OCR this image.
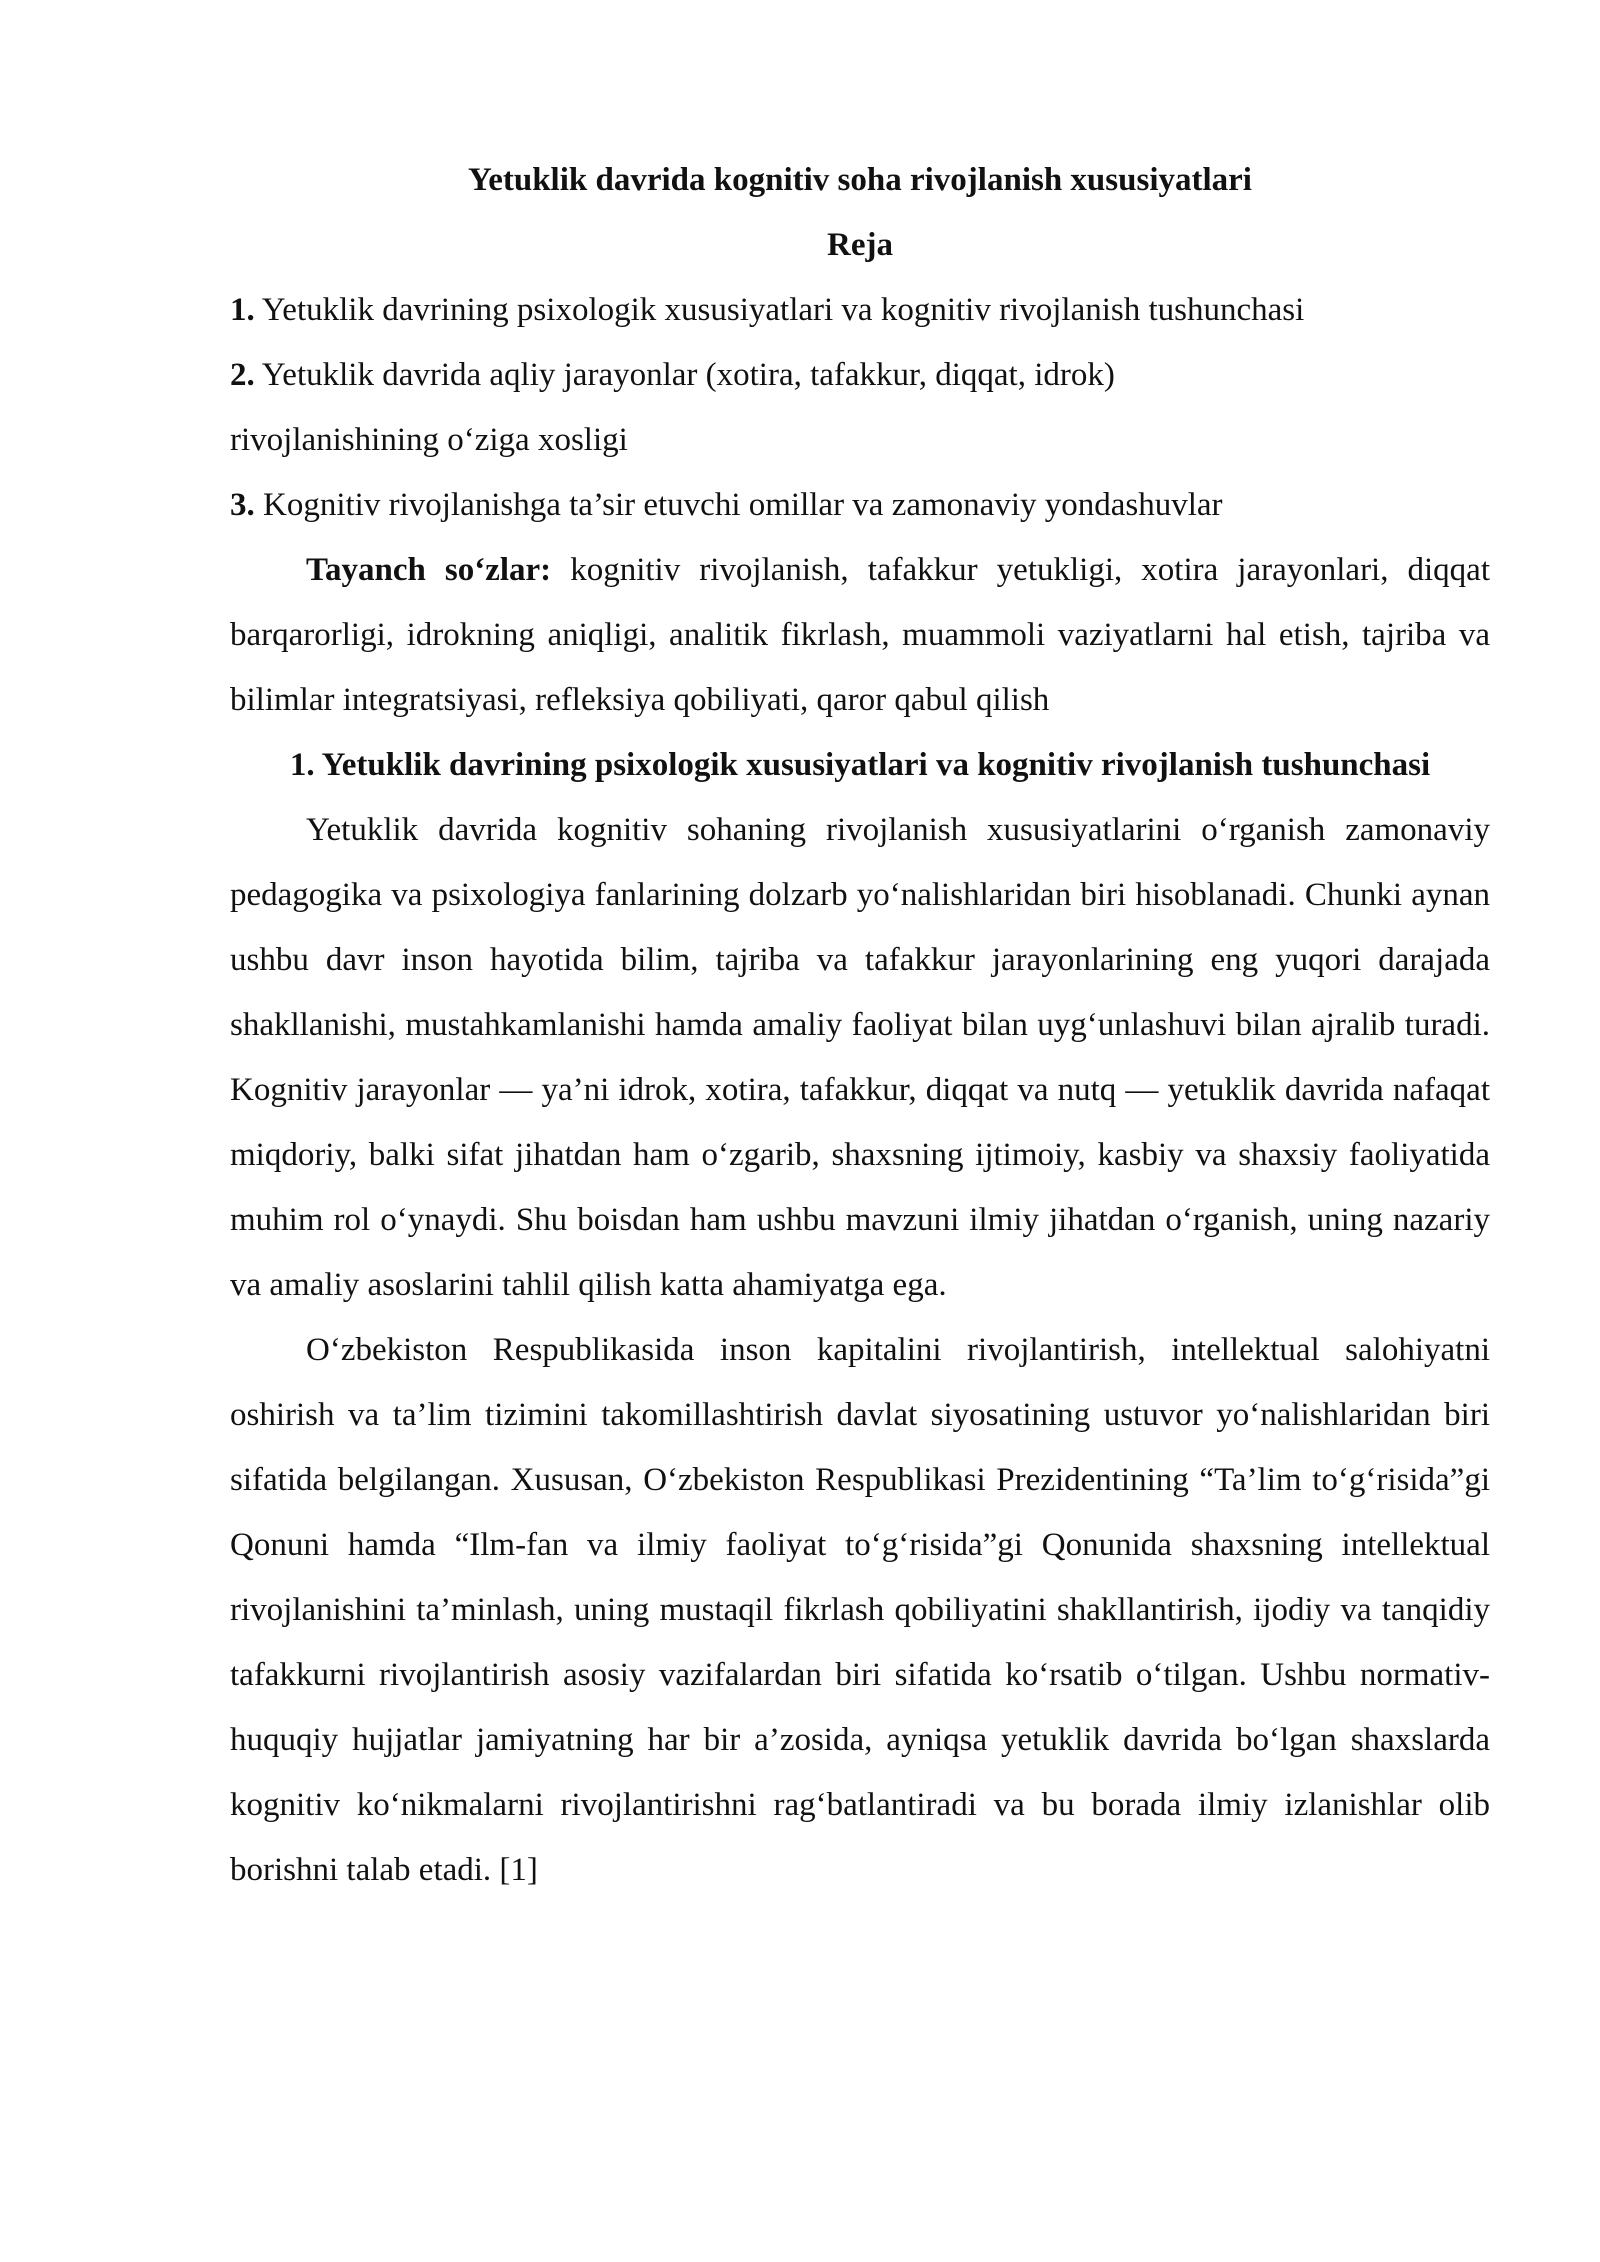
Yetuklik davrida kognitiv soha rivojlanish xususiyatlari
Reja

1. Yetuklik davrining psixologik xususiyatlari va kognitiv rivojlanish tushunchasi

2. Yetuklik davrida aqliy jarayonlar (xotira, tafakkur, diqqat, idrok) rivojlanishining o‘ziga xosligi

3. Kognitiv rivojlanishga ta’sir etuvchi omillar va zamonaviy yondashuvlar

Tayanch so‘zlar: kognitiv rivojlanish, tafakkur yetukligi, xotira jarayonlari, diqqat barqarorligi, idrokning aniqligi, analitik fikrlash, muammoli vaziyatlarni hal etish, tajriba va bilimlar integratsiyasi, refleksiya qobiliyati, qaror qabul qilish

1. Yetuklik davrining psixologik xususiyatlari va kognitiv rivojlanish tushunchasi

Yetuklik davrida kognitiv sohaning rivojlanish xususiyatlarini o‘rganish zamonaviy pedagogika va psixologiya fanlarining dolzarb yo‘nalishlaridan biri hisoblanadi. Chunki aynan ushbu davr inson hayotida bilim, tajriba va tafakkur jarayonlarining eng yuqori darajada shakllanishi, mustahkamlanishi hamda amaliy faoliyat bilan uyg‘unlashuvi bilan ajralib turadi. Kognitiv jarayonlar — ya’ni idrok, xotira, tafakkur, diqqat va nutq — yetuklik davrida nafaqat miqdoriy, balki sifat jihatdan ham o‘zgarib, shaxsning ijtimoiy, kasbiy va shaxsiy faoliyatida muhim rol o‘ynaydi. Shu boisdan ham ushbu mavzuni ilmiy jihatdan o‘rganish, uning nazariy va amaliy asoslarini tahlil qilish katta ahamiyatga ega.

O‘zbekiston Respublikasida inson kapitalini rivojlantirish, intellektual salohiyatni oshirish va ta’lim tizimini takomillashtirish davlat siyosatining ustuvor yo‘nalishlaridan biri sifatida belgilangan. Xususan, O‘zbekiston Respublikasi Prezidentining “Ta’lim to‘g‘risida”gi Qonuni hamda “Ilm-fan va ilmiy faoliyat to‘g‘risida”gi Qonunida shaxsning intellektual rivojlanishini ta’minlash, uning mustaqil fikrlash qobiliyatini shakllantirish, ijodiy va tanqidiy tafakkurni rivojlantirish asosiy vazifalardan biri sifatida ko‘rsatib o‘tilgan. Ushbu normativ-huquqiy hujjatlar jamiyatning har bir a’zosida, ayniqsa yetuklik davrida bo‘lgan shaxslarda kognitiv ko‘nikmalarni rivojlantirishni rag‘batlantiradi va bu borada ilmiy izlanishlar olib borishni talab etadi. [1]
